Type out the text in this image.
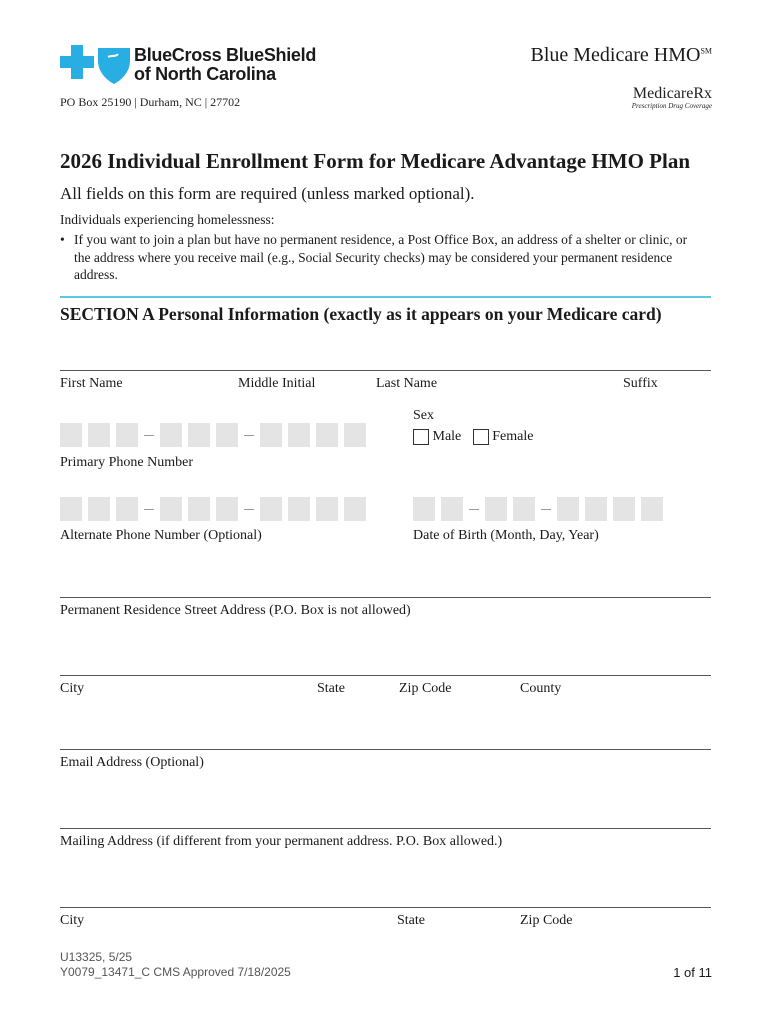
BlueCross BlueShield
of North Carolina
PO Box 25190 | Durham, NC | 27702
Blue Medicare HMO℠
MedicareRx
Prescription Drug Coverage
2026 Individual Enrollment Form for Medicare Advantage HMO Plan
All fields on this form are required (unless marked optional).
Individuals experiencing homelessness:
• If you want to join a plan but have no permanent residence, a Post Office Box, an address of a shelter or clinic, or the address where you receive mail (e.g., Social Security checks) may be considered your permanent residence address.
SECTION A Personal Information (exactly as it appears on your Medicare card)
First Name	Middle Initial	Last Name	Suffix
Primary Phone Number
Sex
Male Female
Alternate Phone Number (Optional)	Date of Birth (Month, Day, Year)
Permanent Residence Street Address (P.O. Box is not allowed)
City	State	Zip Code	County
Email Address (Optional)
Mailing Address (if different from your permanent address. P.O. Box allowed.)
City	State	Zip Code
U13325, 5/25
Y0079_13471_C CMS Approved 7/18/2025	1 of 11
